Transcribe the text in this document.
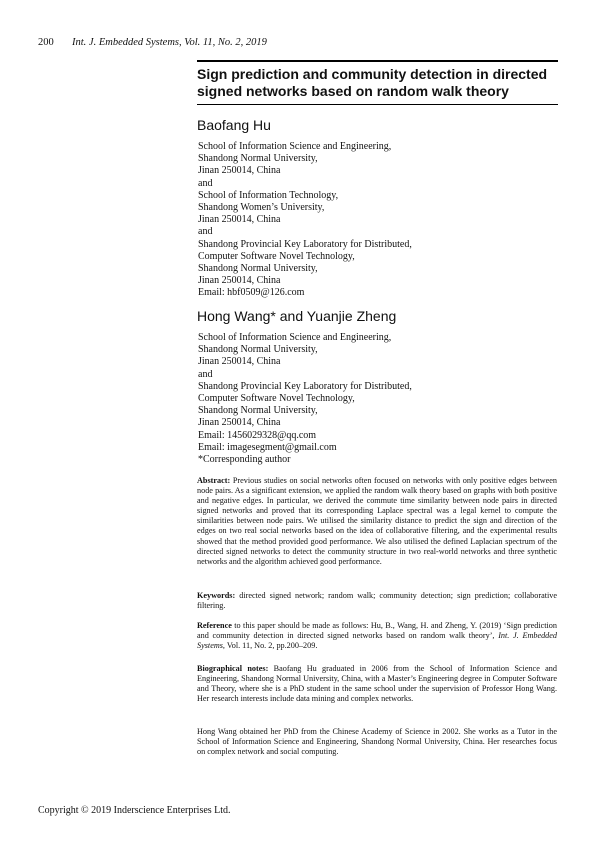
200 Int. J. Embedded Systems, Vol. 11, No. 2, 2019
Sign prediction and community detection in directed
signed networks based on random walk theory
Baofang Hu
School of Information Science and Engineering,
Shandong Normal University,
Jinan 250014, China
and
School of Information Technology,
Shandong Women’s University,
Jinan 250014, China
and
Shandong Provincial Key Laboratory for Distributed,
Computer Software Novel Technology,
Shandong Normal University,
Jinan 250014, China
Email: hbf0509@126.com
Hong Wang* and Yuanjie Zheng
School of Information Science and Engineering,
Shandong Normal University,
Jinan 250014, China
and
Shandong Provincial Key Laboratory for Distributed,
Computer Software Novel Technology,
Shandong Normal University,
Jinan 250014, China
Email: 1456029328@qq.com
Email: imagesegment@gmail.com
*Corresponding author

Abstract: Previous studies on social networks often focused on networks with only positive edges between node pairs. As a significant extension, we applied the random walk theory based on graphs with both positive and negative edges. In particular, we derived the commute time similarity between node pairs in directed signed networks and proved that its corresponding Laplace spectral was a legal kernel to compute the similarities between node pairs. We utilised the similarity distance to predict the sign and direction of the edges on two real social networks based on the idea of collaborative filtering, and the experimental results showed that the method provided good performance. We also utilised the defined Laplacian spectrum of the directed signed networks to detect the community structure in two real-world networks and three synthetic networks and the algorithm achieved good performance.

Keywords: directed signed network; random walk; community detection; sign prediction; collaborative filtering.

Reference to this paper should be made as follows: Hu, B., Wang, H. and Zheng, Y. (2019) ‘Sign prediction and community detection in directed signed networks based on random walk theory’, Int. J. Embedded Systems, Vol. 11, No. 2, pp.200–209.

Biographical notes: Baofang Hu graduated in 2006 from the School of Information Science and Engineering, Shandong Normal University, China, with a Master’s Engineering degree in Computer Software and Theory, where she is a PhD student in the same school under the supervision of Professor Hong Wang. Her research interests include data mining and complex networks.

Hong Wang obtained her PhD from the Chinese Academy of Science in 2002. She works as a Tutor in the School of Information Science and Engineering, Shandong Normal University, China. Her researches focus on complex network and social computing.

Copyright © 2019 Inderscience Enterprises Ltd.
